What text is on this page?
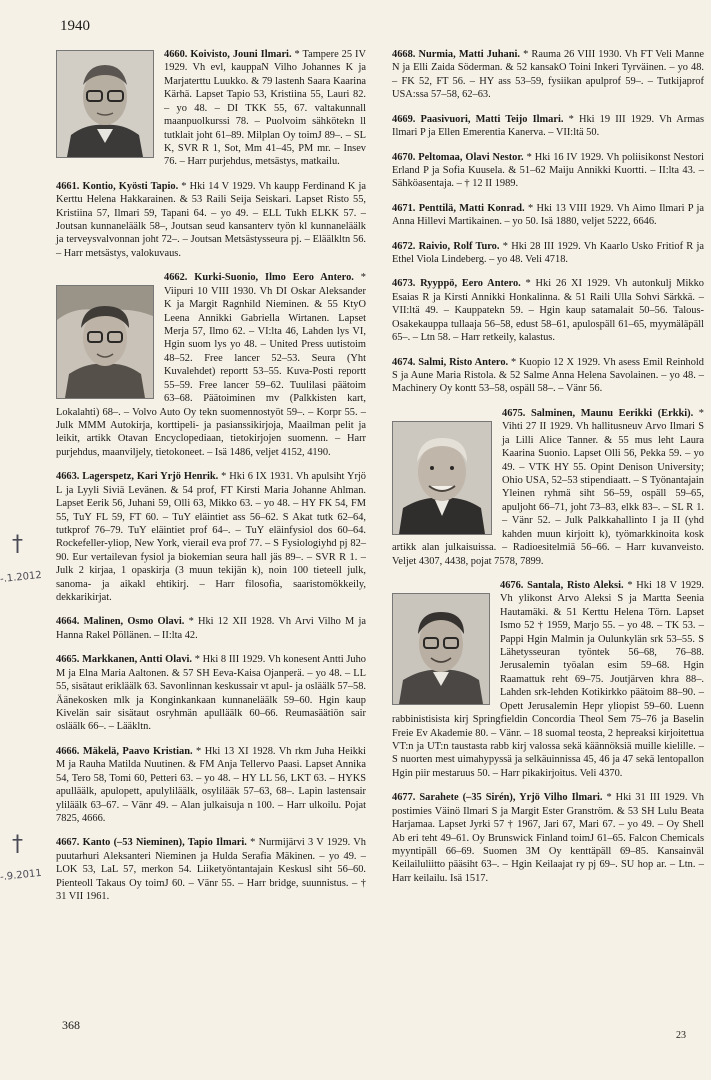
1940

4660. Koivisto, Jouni Ilmari. * Tampere 25 IV 1929. Vh evl, kauppaN Vilho Johannes K ja Marjaterttu Luukko. & 79 lastenh Saara Kaarina Kärhä. Lapset Tapio 53, Kristiina 55, Lauri 82. – yo 48. – DI TKK 55, 67. valtakunnall maanpuolkurssi 78. – Puolvoim sähkötekn ll tutklait joht 61–89. Milplan Oy toimJ 89–. – SL K, SVR R 1, Sot, Mm 41–45, PM mr. – Insev 76. – Harr purjehdus, metsästys, matkailu.

4661. Kontio, Kyösti Tapio. * Hki 14 V 1929. Vh kaupp Ferdinand K ja Kerttu Helena Hakkarainen. & 53 Raili Seija Seiskari. Lapset Risto 55, Kristiina 57, Ilmari 59, Tapani 64. – yo 49. – ELL Tukh ELKK 57. – Joutsan kunnaneläälk 58–, Joutsan seud kansanterv työn kl kunnaneläälk ja terveysvalvonnan joht 72–. – Joutsan Metsästysseura pj. – Eläälkltn 56. – Harr metsästys, valokuvaus.

4662. Kurki-Suonio, Ilmo Eero Antero. * Viipuri 10 VIII 1930. Vh DI Oskar Aleksander K ja Margit Ragnhild Nieminen. & 55 KtyO Leena Annikki Gabriella Wirtanen. Lapset Merja 57, Ilmo 62. – VI:lta 46, Lahden lys VI, Hgin suom lys yo 48. – United Press uutistoim 48–52. Free lancer 52–53. Seura (Yht Kuvalehdet) reportt 53–55. Kuva-Posti reportt 55–59. Free lancer 59–62. Tuulilasi päätoim 63–68. Päätoiminen mv (Palkkisten kart, Lokalahti) 68–. – Volvo Auto Oy tekn suomennostyöt 59–. – Korpr 55. – Julk MMM Autokirja, korttipeli- ja pasianssikirjoja, Maailman pelit ja leikit, artikk Otavan Encyclopediaan, tietokirjojen suomenn. – Harr purjehdus, maanviljely, tietokoneet. – Isä 1486, veljet 4152, 4190.

4663. Lagerspetz, Kari Yrjö Henrik. * Hki 6 IX 1931. Vh apulsiht Yrjö L ja Lyyli Siviä Levänen. & 54 prof, FT Kirsti Maria Johanne Ahlman. Lapset Eerik 56, Juhani 59, Olli 63, Mikko 63. – yo 48. – HY FK 54, FM 55, TuY FL 59, FT 60. – TuY eläintiet ass 56–62. S Akat tutk 62–64, tutkprof 76–79. TuY eläintiet prof 64–. – TuY eläinfysiol dos 60–64. Rockefeller-yliop, New York, vierail eva prof 77. – S Fysiologiyhd pj 82–90. Eur vertailevan fysiol ja biokemian seura hall jäs 89–. – SVR R 1. – Julk 2 kirjaa, 1 opaskirja (3 muun tekijän k), noin 100 tieteell julk, sanoma- ja aikakl ehtikirj. – Harr filosofia, saaristomökkeily, dekkarikirjat.

4664. Malinen, Osmo Olavi. * Hki 12 XII 1928. Vh Arvi Vilho M ja Hanna Rakel Pöllänen. – II:lta 42.

4665. Markkanen, Antti Olavi. * Hki 8 III 1929. Vh konesent Antti Juho M ja Elna Maria Aaltonen. & 57 SH Eeva-Kaisa Ojanperä. – yo 48. – LL 55, sisätaut erikläälk 63. Savonlinnan keskussair vt apul- ja osläälk 57–58. Äänekosken mlk ja Konginkankaan kunnaneläälk 59–60. Hgin kaup Kivelän sair sisätaut osryhmän apulläälk 60–66. Reumasäätiön sair osläälk 66–. – Lääkltn.

4666. Mäkelä, Paavo Kristian. * Hki 13 XI 1928. Vh rkm Juha Heikki M ja Rauha Matilda Nuutinen. & FM Anja Tellervo Paasi. Lapset Annika 54, Tero 58, Tomi 60, Petteri 63. – yo 48. – HY LL 56, LKT 63. – HYKS apulläälk, apulopett, apulyliläälk, osylilääk 57–63, 68–. Lapin lastensair yliläälk 63–67. – Vänr 49. – Alan julkaisuja n 100. – Harr ulkoilu. Pojat 7825, 4666.

4667. Kanto (–53 Nieminen), Tapio Ilmari. * Nurmijärvi 3 V 1929. Vh puutarhuri Aleksanteri Nieminen ja Hulda Serafia Mäkinen. – yo 49. – LOK 53, LaL 57, merkon 54. Liiketyöntantajain Keskusl siht 56–60. Pienteoll Takaus Oy toimJ 60. – Vänr 55. – Harr bridge, suunnistus. – † 31 VII 1961.

4668. Nurmia, Matti Juhani. * Rauma 26 VIII 1930. Vh FT Veli Manne N ja Elli Zaida Söderman. & 52 kansakO Toini Inkeri Tyrväinen. – yo 48. – FK 52, FT 56. – HY ass 53–59, fysiikan apulprof 59–. – Tutkijaprof USA:ssa 57–58, 62–63.

4669. Paasivuori, Matti Teijo Ilmari. * Hki 19 III 1929. Vh Armas Ilmari P ja Ellen Emerentia Kanerva. – VII:ltä 50.

4670. Peltomaa, Olavi Nestor. * Hki 16 IV 1929. Vh poliisikonst Nestori Erland P ja Sofia Kuusela. & 51–62 Maiju Annikki Kuortti. – II:lta 43. – Sähköasentaja. – † 12 II 1989.

4671. Penttilä, Matti Konrad. * Hki 13 VIII 1929. Vh Aimo Ilmari P ja Anna Hillevi Martikainen. – yo 50. Isä 1880, veljet 5222, 6646.

4672. Raivio, Rolf Turo. * Hki 28 III 1929. Vh Kaarlo Usko Fritiof R ja Ethel Viola Lindeberg. – yo 48. Veli 4718.

4673. Ryyppö, Eero Antero. * Hki 26 XI 1929. Vh autonkulj Mikko Esaias R ja Kirsti Annikki Honkalinna. & 51 Raili Ulla Sohvi Särkkä. – VII:ltä 49. – Kauppatekn 59. – Hgin kaup satamalait 50–56. Talous-Osakekauppa tullaaja 56–58, edust 58–61, apulospäll 61–65, myymäläpäll 65–. – Ltn 58. – Harr retkeily, kalastus.

4674. Salmi, Risto Antero. * Kuopio 12 X 1929. Vh asess Emil Reinhold S ja Aune Maria Ristola. & 52 Salme Anna Helena Savolainen. – yo 48. – Machinery Oy kontt 53–58, ospäll 58–. – Vänr 56.

4675. Salminen, Maunu Eerikki (Erkki). * Vihti 27 II 1929. Vh hallitusneuv Arvo Ilmari S ja Lilli Alice Tanner. & 55 mus leht Laura Kaarina Suonio. Lapset Olli 56, Pekka 59. – yo 49. – VTK HY 55. Opint Denison University; Ohio USA, 52–53 stipendiaatt. – S Työnantajain Yleinen ryhmä siht 56–59, ospäll 59–65, apuljoht 66–71, joht 73–83, elkk 83–. – SL R 1. – Vänr 52. – Julk Palkkahallinto I ja II (yhd kahden muun kirjoitt k), työmarkkinoita kosk artikk alan julkaisuissa. – Radioesitelmiä 56–66. – Harr kuvanveisto. Veljet 4307, 4438, pojat 7578, 7899.

4676. Santala, Risto Aleksi. * Hki 18 V 1929. Vh ylikonst Arvo Aleksi S ja Martta Seenia Hautamäki. & 51 Kerttu Helena Törn. Lapset Ismo 52 † 1959, Marjo 55. – yo 48. – TK 53. – Pappi Hgin Malmin ja Oulunkylän srk 53–55. S Lähetysseuran työntek 56–68, 76–88. Jerusalemin työalan esim 59–68. Hgin Raamattuk reht 69–75. Joutjärven khra 88–. Lahden srk-lehden Kotikirkko päätoim 88–90. – Opett Jerusalemin Hepr yliopist 59–60. Luenn rabbinistisista kirj Springfieldin Concordia Theol Sem 75–76 ja Baselin Freie Ev Akademie 80. – Vänr. – 18 suomal teosta, 2 hepreaksi kirjoitettua VT:n ja UT:n taustasta rabb kirj valossa sekä käännöksiä muille kielille. – S nuorten mest uimahypyssä ja selkäuinnissa 45, 46 ja 47 sekä lentopallon Hgin piir mestaruus 50. – Harr pikakirjoitus. Veli 4370.

4677. Sarahete (–35 Sirén), Yrjö Vilho Ilmari. * Hki 31 III 1929. Vh postimies Väinö Ilmari S ja Margit Ester Granström. & 53 SH Lulu Beata Harjamaa. Lapset Jyrki 57 † 1967, Jari 67, Mari 67. – yo 49. – Oy Shell Ab eri teht 49–61. Oy Brunswick Finland toimJ 61–65. Falcon Chemicals myyntipäll 66–69. Suomen 3M Oy kenttäpäll 69–85. Kansainväl Keilailuliitto pääsiht 63–. – Hgin Keilaajat ry pj 69–. SU hop ar. – Ltn. – Harr keilailu. Isä 1517.

†
-.1.2012
†
-.9.2011
368
23
